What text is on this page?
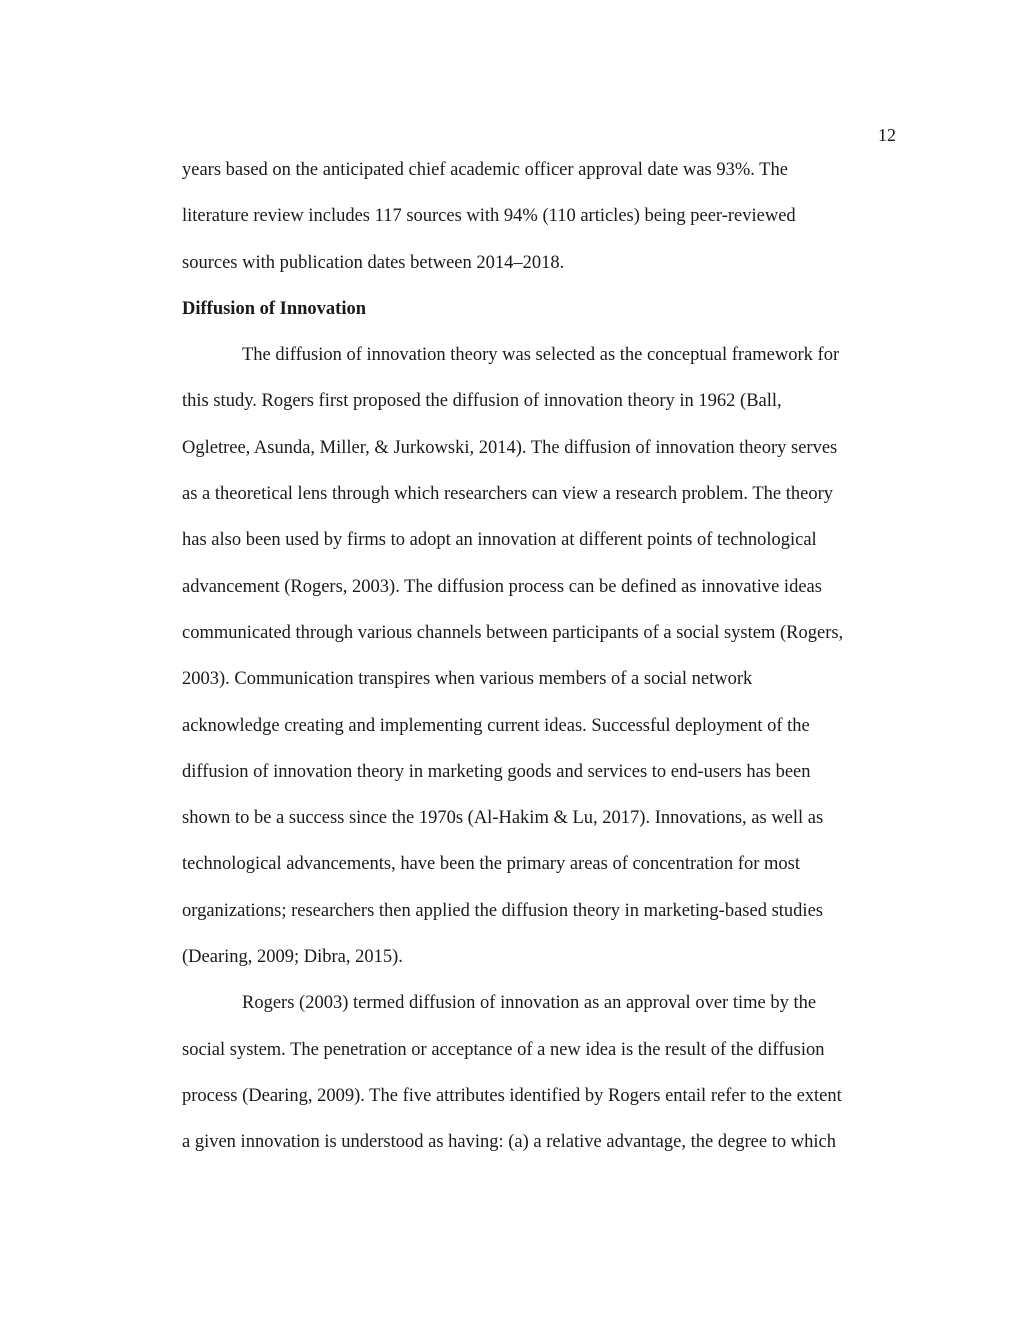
12
years based on the anticipated chief academic officer approval date was 93%. The
literature review includes 117 sources with 94% (110 articles) being peer-reviewed
sources with publication dates between 2014–2018.
Diffusion of Innovation
The diffusion of innovation theory was selected as the conceptual framework for
this study. Rogers first proposed the diffusion of innovation theory in 1962 (Ball,
Ogletree, Asunda, Miller, & Jurkowski, 2014). The diffusion of innovation theory serves
as a theoretical lens through which researchers can view a research problem. The theory
has also been used by firms to adopt an innovation at different points of technological
advancement (Rogers, 2003). The diffusion process can be defined as innovative ideas
communicated through various channels between participants of a social system (Rogers,
2003). Communication transpires when various members of a social network
acknowledge creating and implementing current ideas. Successful deployment of the
diffusion of innovation theory in marketing goods and services to end-users has been
shown to be a success since the 1970s (Al-Hakim & Lu, 2017). Innovations, as well as
technological advancements, have been the primary areas of concentration for most
organizations; researchers then applied the diffusion theory in marketing-based studies
(Dearing, 2009; Dibra, 2015).
Rogers (2003) termed diffusion of innovation as an approval over time by the
social system. The penetration or acceptance of a new idea is the result of the diffusion
process (Dearing, 2009). The five attributes identified by Rogers entail refer to the extent
a given innovation is understood as having: (a) a relative advantage, the degree to which
